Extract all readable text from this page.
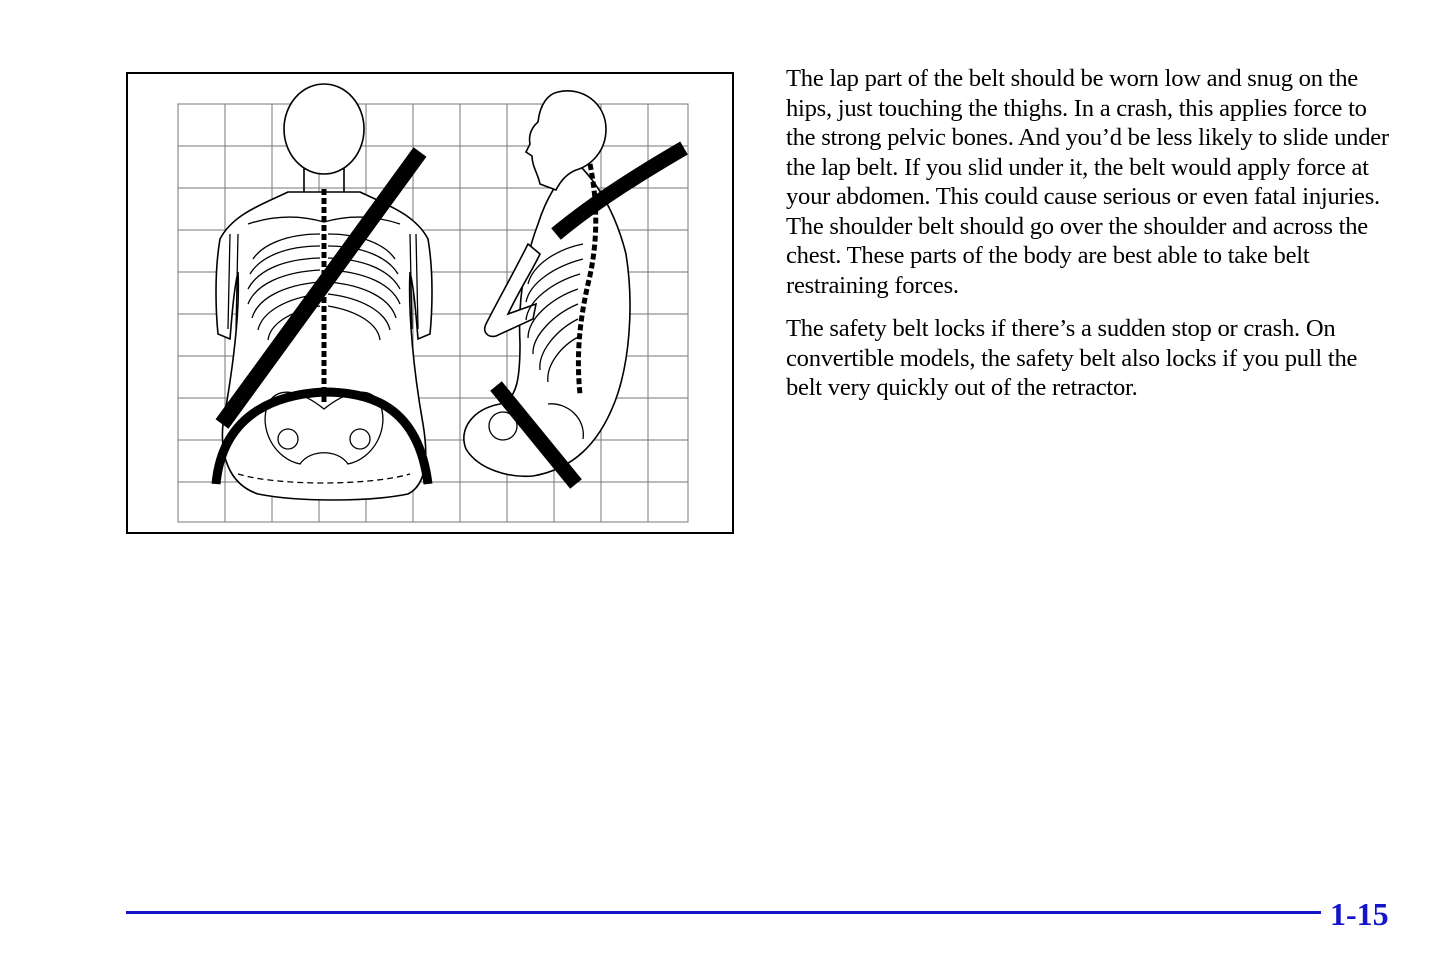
The lap part of the belt should be worn low and snug on the hips, just touching the thighs. In a crash, this applies force to the strong pelvic bones. And you’d be less likely to slide under the lap belt. If you slid under it, the belt would apply force at your abdomen. This could cause serious or even fatal injuries. The shoulder belt should go over the shoulder and across the chest. These parts of the body are best able to take belt restraining forces.

The safety belt locks if there’s a sudden stop or crash. On convertible models, the safety belt also locks if you pull the belt very quickly out of the retractor.

1-15
